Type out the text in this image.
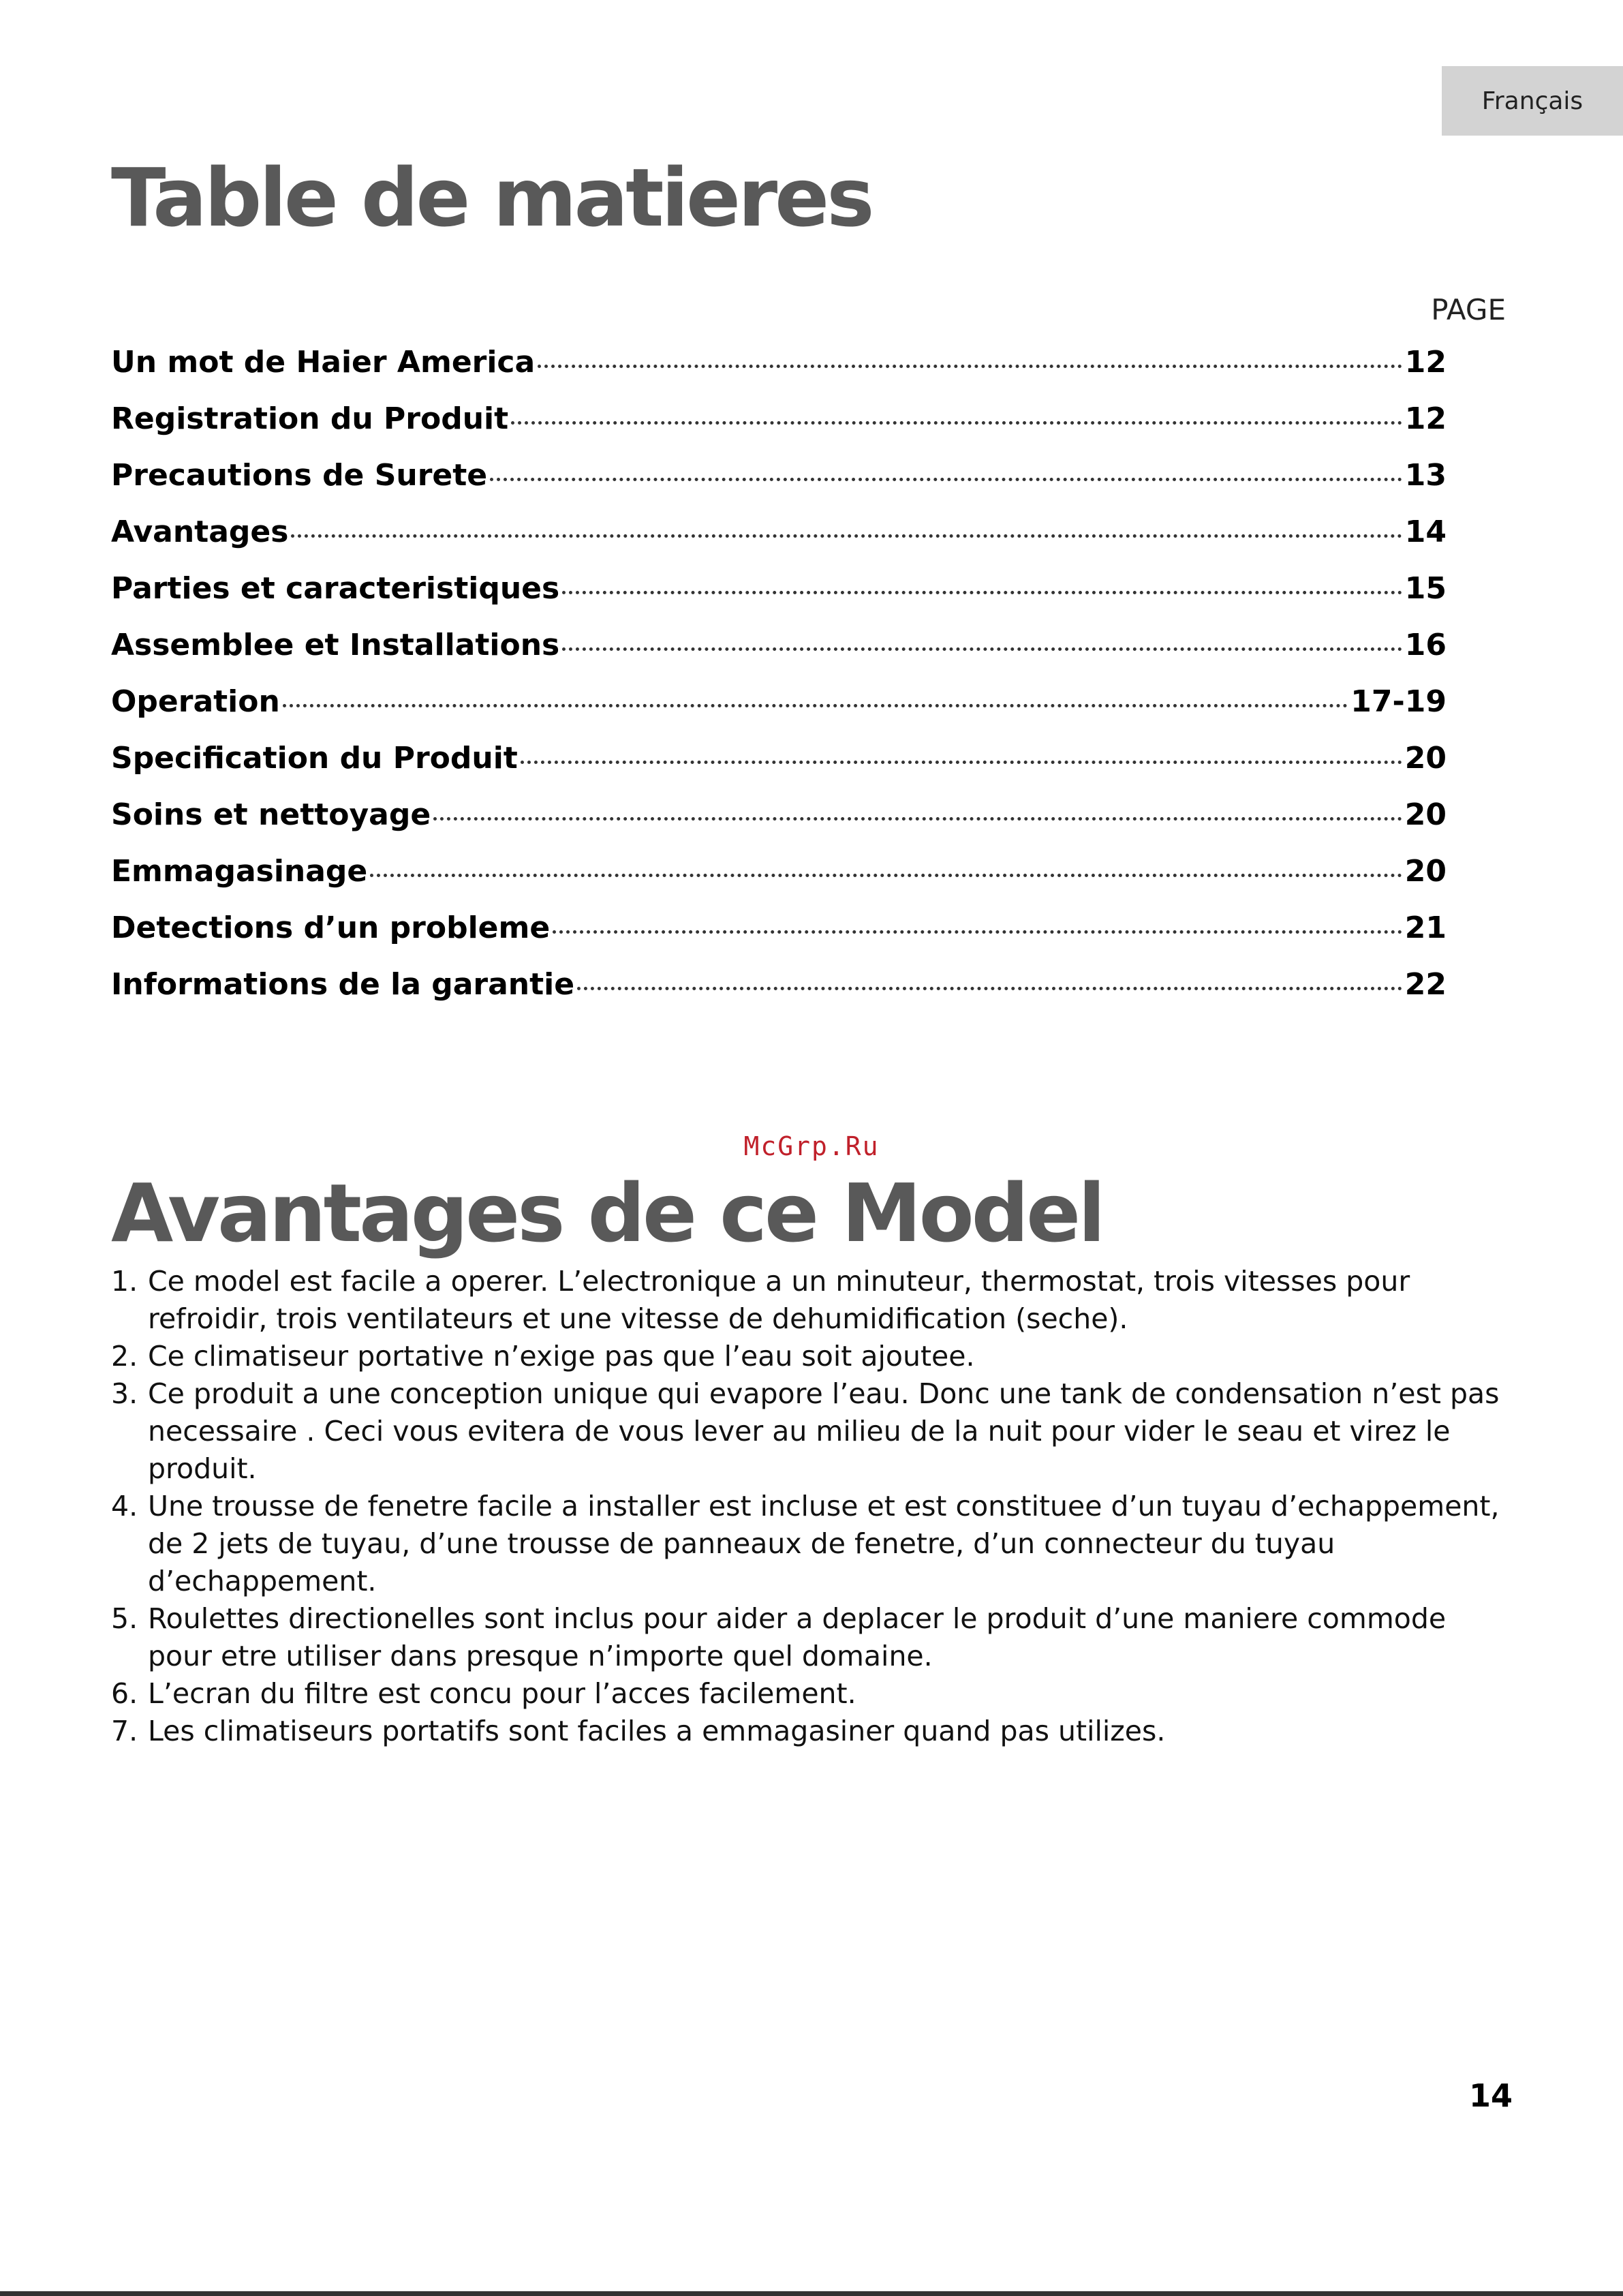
Français
Table de matieres
PAGE
Un mot de Haier America	12
Registration du Produit	12
Precautions de Surete	13
Avantages	14
Parties et caracteristiques	15
Assemblee et Installations	16
Operation	17-19
Specification du Produit	20
Soins et nettoyage	20
Emmagasinage	20
Detections d’un probleme	21
Informations de la garantie	22
McGrp.Ru
Avantages de ce Model
1. Ce model est facile a operer. L’electronique a un minuteur, thermostat, trois vitesses pour refroidir, trois ventilateurs et une vitesse de dehumidification (seche).
2. Ce climatiseur portative n’exige pas que l’eau soit ajoutee.
3. Ce produit a une conception unique qui evapore l’eau. Donc une tank de condensation n’est pas necessaire . Ceci vous evitera de vous lever au milieu de la nuit pour vider le seau et virez le produit.
4. Une trousse de fenetre facile a installer est incluse et est constituee d’un tuyau d’echappement, de 2 jets de tuyau, d’une trousse de panneaux de fenetre, d’un connecteur du tuyau d’echappement.
5. Roulettes directionelles sont inclus pour aider a deplacer le produit d’une maniere commode pour etre utiliser dans presque n’importe quel domaine.
6. L’ecran du filtre est concu pour l’acces facilement.
7. Les climatiseurs portatifs sont faciles a emmagasiner quand pas utilizes.
14
